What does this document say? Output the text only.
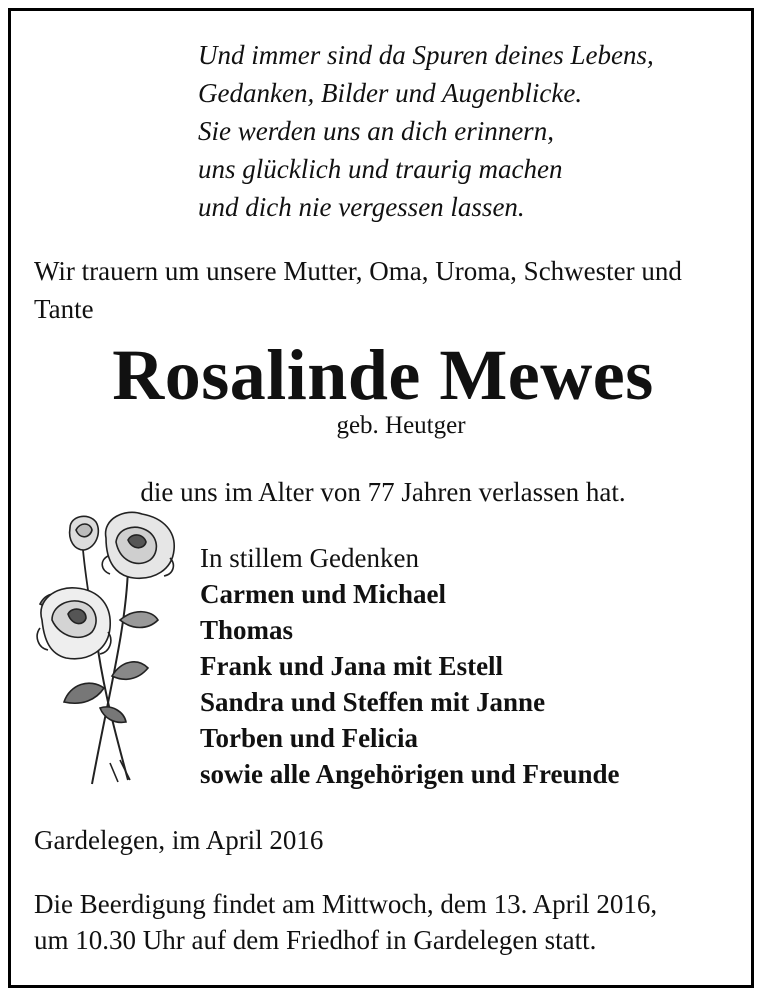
Und immer sind da Spuren deines Lebens,
Gedanken, Bilder und Augenblicke.
Sie werden uns an dich erinnern,
uns glücklich und traurig machen
und dich nie vergessen lassen.
Wir trauern um unsere Mutter, Oma, Uroma, Schwester und Tante
Rosalinde Mewes
geb. Heutger
die uns im Alter von 77 Jahren verlassen hat.
In stillem Gedenken
Carmen und Michael
Thomas
Frank und Jana mit Estell
Sandra und Steffen mit Janne
Torben und Felicia
sowie alle Angehörigen und Freunde
Gardelegen, im April 2016
Die Beerdigung findet am Mittwoch, dem 13. April 2016,
um 10.30 Uhr auf dem Friedhof in Gardelegen statt.
